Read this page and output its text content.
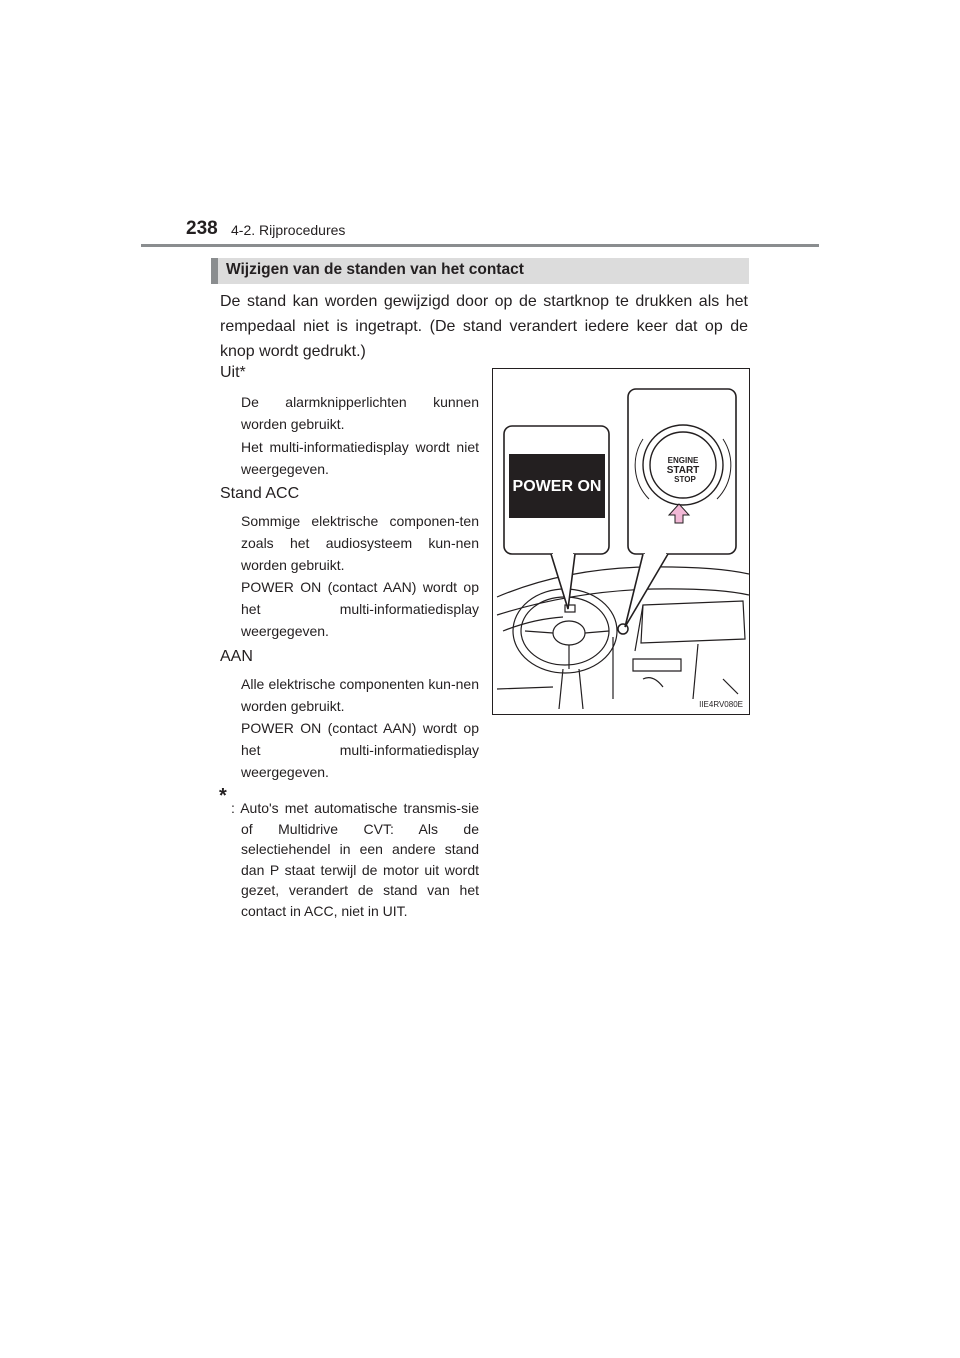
238 4-2. Rijprocedures
Wijzigen van de standen van het contact
De stand kan worden gewijzigd door op de startknop te drukken als het rempedaal niet is ingetrapt. (De stand verandert iedere keer dat op de knop wordt gedrukt.)
Uit*
De alarmknipperlichten kunnen worden gebruikt.
Het multi-informatiedisplay wordt niet weergegeven.
Stand ACC
Sommige elektrische componen-ten zoals het audiosysteem kun-nen worden gebruikt.
POWER ON (contact AAN) wordt op het multi-informatiedisplay weergegeven.
AAN
Alle elektrische componenten kun-nen worden gebruikt.
POWER ON (contact AAN) wordt op het multi-informatiedisplay weergegeven.
*
: Auto's met automatische transmis-sie of Multidrive CVT: Als de selectiehendel in een andere stand dan P staat terwijl de motor uit wordt gezet, verandert de stand van het contact in ACC, niet in UIT.
POWER ON
ENGINE
START
STOP
IIE4RV080E
